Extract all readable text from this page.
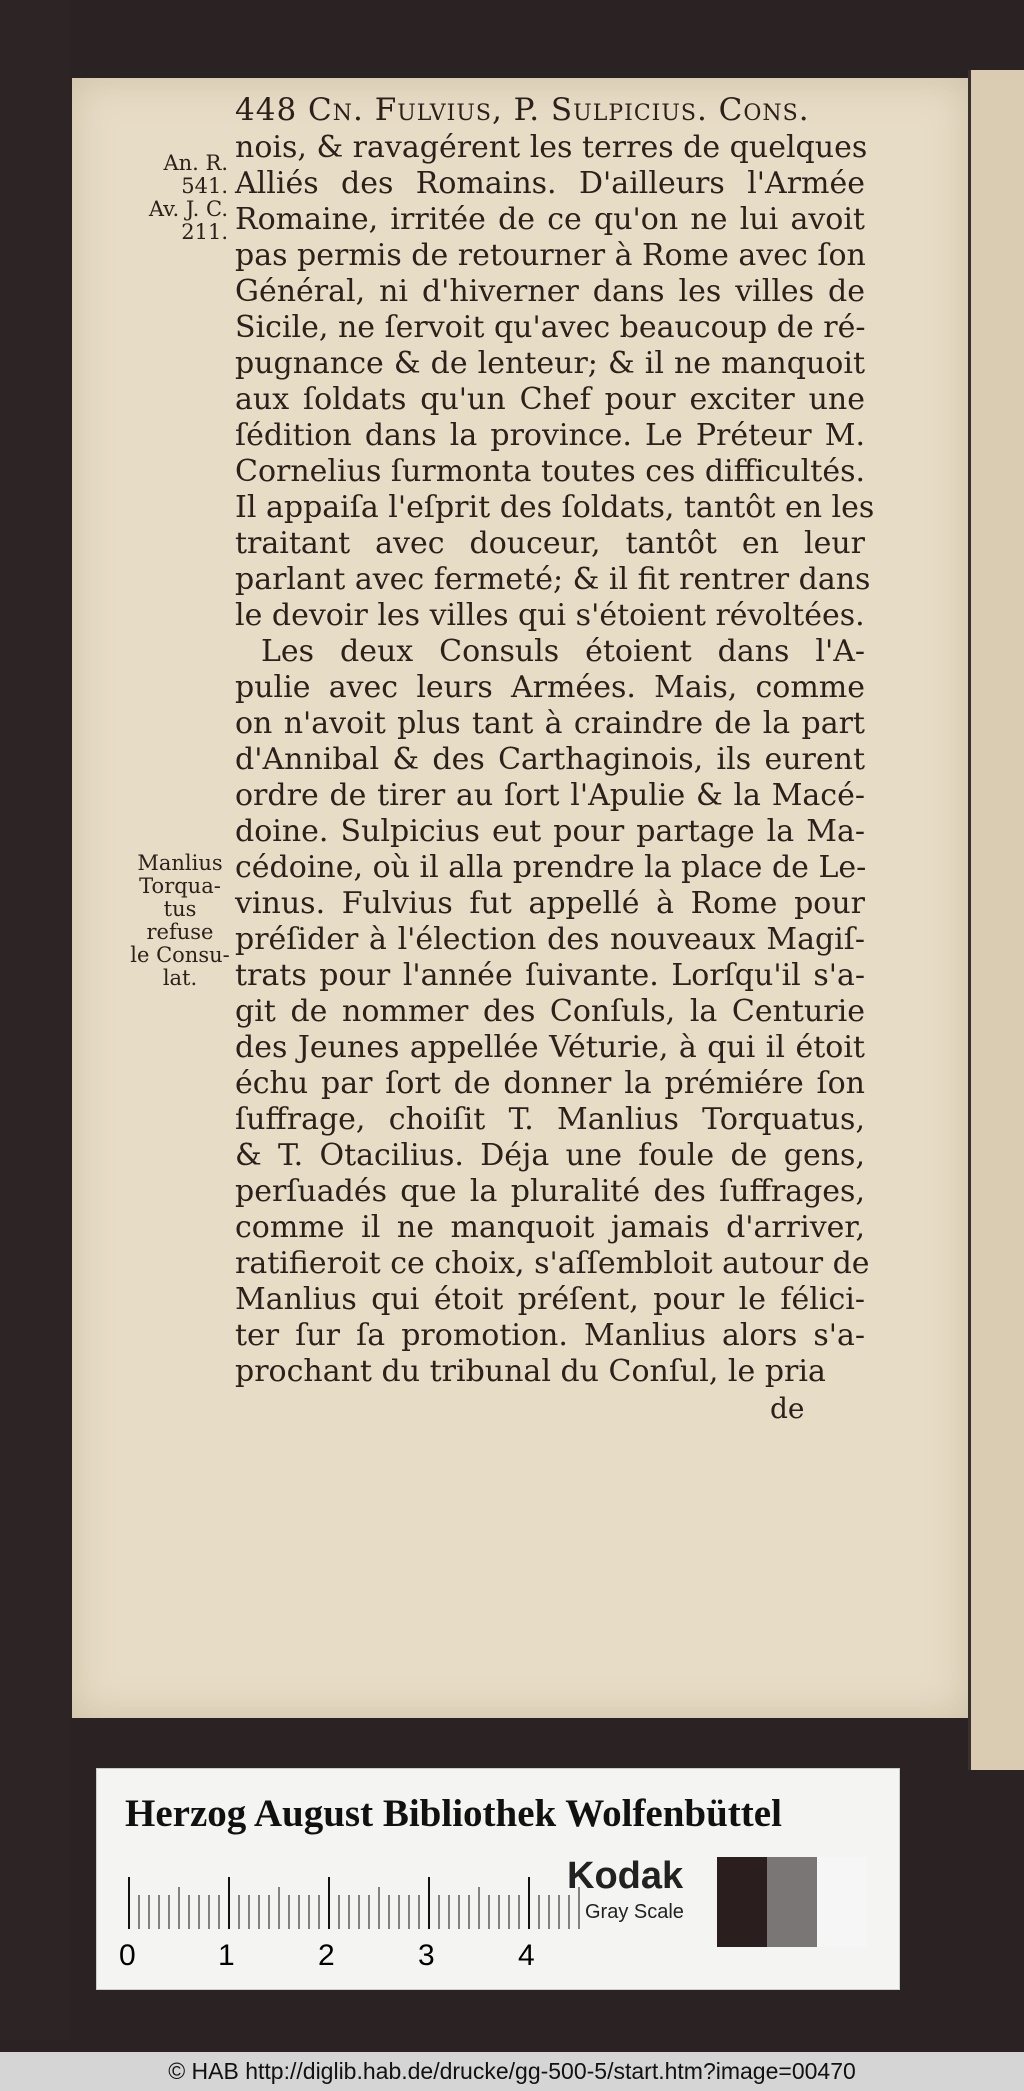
448 Cn. Fulvius, P. Sulpicius. Cons.
An. R.
541.
Av. J. C.
211.
Manlius
Torqua-
tus refuse
le Consu-
lat.
nois, & ravagérent les terres de quelques
Alliés des Romains. D'ailleurs l'Armée
Romaine, irritée de ce qu'on ne lui avoit
pas permis de retourner à Rome avec ſon
Général, ni d'hiverner dans les villes de
Sicile, ne ſervoit qu'avec beaucoup de ré-
pugnance & de lenteur; & il ne manquoit
aux ſoldats qu'un Chef pour exciter une
ſédition dans la province. Le Préteur M.
Cornelius ſurmonta toutes ces difficultés.
Il appaiſa l'eſprit des ſoldats, tantôt en les
traitant avec douceur, tantôt en leur
parlant avec fermeté; & il fit rentrer dans
le devoir les villes qui s'étoient révoltées.
Les deux Consuls étoient dans l'A-
pulie avec leurs Armées. Mais, comme
on n'avoit plus tant à craindre de la part
d'Annibal & des Carthaginois, ils eurent
ordre de tirer au ſort l'Apulie & la Macé-
doine. Sulpicius eut pour partage la Ma-
cédoine, où il alla prendre la place de Le-
vinus. Fulvius fut appellé à Rome pour
préſider à l'élection des nouveaux Magiſ-
trats pour l'année ſuivante. Lorſqu'il s'a-
git de nommer des Conſuls, la Centurie
des Jeunes appellée Véturie, à qui il étoit
échu par ſort de donner la prémiére ſon
ſuffrage, choiſit T. Manlius Torquatus,
& T. Otacilius. Déja une foule de gens,
perſuadés que la pluralité des ſuffrages,
comme il ne manquoit jamais d'arriver,
ratifieroit ce choix, s'aſſembloit autour de
Manlius qui étoit préſent, pour le félici-
ter ſur ſa promotion. Manlius alors s'a-
prochant du tribunal du Conſul, le pria
de
Herzog August Bibliothek Wolfenbüttel
Kodak
Gray Scale
0	1	2	3	4
© HAB http://diglib.hab.de/drucke/gg-500-5/start.htm?image=00470
